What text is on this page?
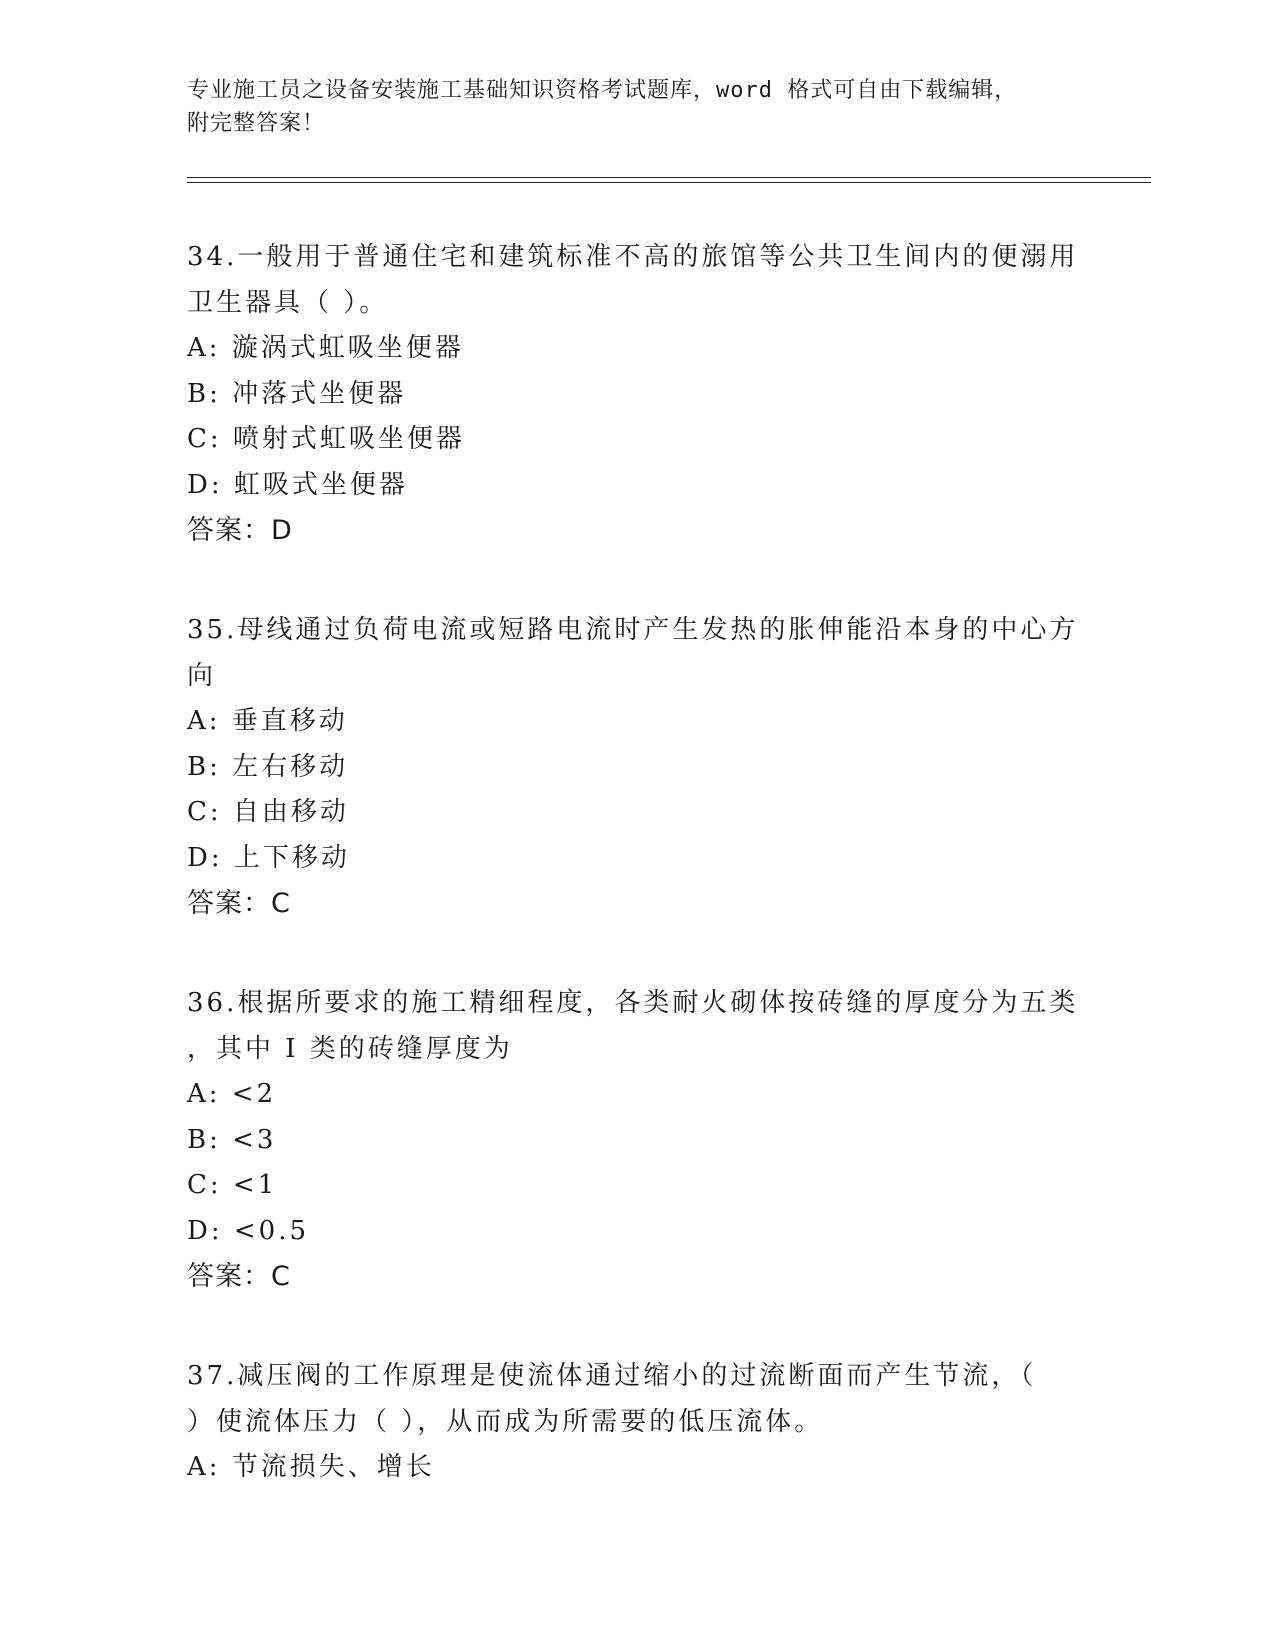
专业施工员之设备安装施工基础知识资格考试题库，word 格式可自由下载编辑，
附完整答案！
34.一般用于普通住宅和建筑标准不高的旅馆等公共卫生间内的便溺用
卫生器具（ ）。
A: 漩涡式虹吸坐便器
B: 冲落式坐便器
C: 喷射式虹吸坐便器
D: 虹吸式坐便器
答案：D
35.母线通过负荷电流或短路电流时产生发热的胀伸能沿本身的中心方
向
A: 垂直移动
B: 左右移动
C: 自由移动
D: 上下移动
答案：C
36.根据所要求的施工精细程度，各类耐火砌体按砖缝的厚度分为五类
，其中 I 类的砖缝厚度为
A: <2
B: <3
C: <1
D: <0.5
答案：C
37.减压阀的工作原理是使流体通过缩小的过流断面而产生节流，（
）使流体压力（ ），从而成为所需要的低压流体。
A: 节流损失、增长
